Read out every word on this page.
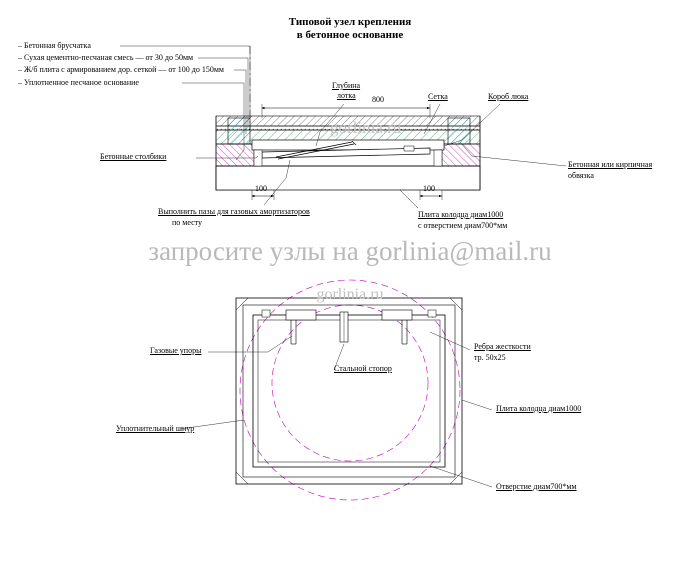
Типовой узел крепления
в бетонное основание
– Бетонная брусчатка
– Сухая цементно-песчаная смесь — от 30 до 50мм
– Ж/б плита с армированием дор. сеткой — от 100 до 150мм
– Уплотненное песчаное основание	Глубина
лотка	Сетка	Короб люка
800
100	100
Бетонные столбики
Бетонная или кирпичная
обвязка
Выполнить пазы для газовых амортизаторов
по месту
Плита колодца диам1000
с отверстием диам700*мм
Газовые упоры
Стальной стопор
Ребра жесткости
тр. 50х25
Уплотнительный шнур
Плита колодца диам1000
Отверстие диам700*мм
gorlinia.ru
запросите узлы на gorlinia@mail.ru
gorlinia.ru
